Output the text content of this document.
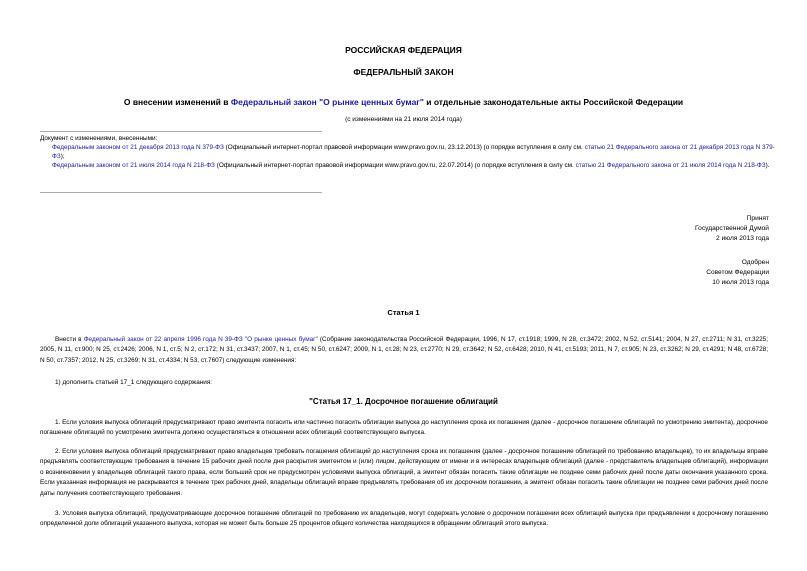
РОССИЙСКАЯ ФЕДЕРАЦИЯ
ФЕДЕРАЛЬНЫЙ ЗАКОН
О внесении изменений в Федеральный закон "О рынке ценных бумаг" и отдельные законодательные акты Российской Федерации
(с изменениями на 21 июля 2014 года)

Документ с изменениями, внесенными:

Федеральным законом от 21 декабря 2013 года N 379-ФЗ (Официальный интернет-портал правовой информации www.pravo.gov.ru, 23.12.2013) (о порядке вступления в силу см. статью 21 Федерального закона от 21 декабря 2013 года N 379-ФЗ);

Федеральным законом от 21 июля 2014 года N 218-ФЗ (Официальный интернет-портал правовой информации www.pravo.gov.ru, 22.07.2014) (о порядке вступления в силу см. статью 21 Федерального закона от 21 июля 2014 года N 218-ФЗ).

Принят
Государственной Думой
2 июля 2013 года
Одобрен
Советом Федерации
10 июля 2013 года
Статья 1
Внести в Федеральный закон от 22 апреля 1996 года N 39-ФЗ "О рынке ценных бумаг" (Собрание законодательства Российской Федерации, 1996, N 17, ст.1918; 1999, N 28, ст.3472; 2002, N 52, ст.5141; 2004, N 27, ст.2711; N 31, ст.3225; 2005, N 11, ст.900; N 25, ст.2426; 2006, N 1, ст.5; N 2, ст.172; N 31, ст.3437; 2007, N 1, ст.45; N 50, ст.6247; 2009, N 1, ст.28; N 23, ст.2770; N 29, ст.3642; N 52, ст.6428; 2010, N 41, ст.5193; 2011, N 7, ст.905; N 23, ст.3262; N 29, ст.4291; N 48, ст.6728; N 50, ст.7357; 2012, N 25, ст.3269; N 31, ст.4334; N 53, ст.7607) следующие изменения:
1) дополнить статьей 17_1 следующего содержания:
"Статья 17_1. Досрочное погашение облигаций
1. Если условия выпуска облигаций предусматривают право эмитента погасить или частично погасить облигации выпуска до наступления срока их погашения (далее - досрочное погашение облигаций по усмотрению эмитента), досрочное погашение облигаций по усмотрению эмитента должно осуществляться в отношении всех облигаций соответствующего выпуска.
2. Если условия выпуска облигаций предусматривают право владельцев требовать погашения облигаций до наступления срока их погашения (далее - досрочное погашение облигаций по требованию владельцев), то их владельцы вправе предъявлять соответствующие требования в течение 15 рабочих дней после дня раскрытия эмитентом и (или) лицом, действующим от имени и в интересах владельцев облигаций (далее - представитель владельцев облигаций), информации о возникновении у владельцев облигаций такого права, если больший срок не предусмотрен условиями выпуска облигаций, а эмитент обязан погасить такие облигации не позднее семи рабочих дней после даты окончания указанного срока. Если указанная информация не раскрывается в течение трех рабочих дней, владельцы облигаций вправе предъявлять требования об их досрочном погашении, а эмитент обязан погасить такие облигации не позднее семи рабочих дней после даты получения соответствующего требования.
3. Условия выпуска облигаций, предусматривающие досрочное погашение облигаций по требованию их владельцев, могут содержать условие о досрочном погашении всех облигаций выпуска при предъявлении к досрочному погашению определенной доли облигаций указанного выпуска, которая не может быть больше 25 процентов общего количества находящихся в обращении облигаций этого выпуска.
